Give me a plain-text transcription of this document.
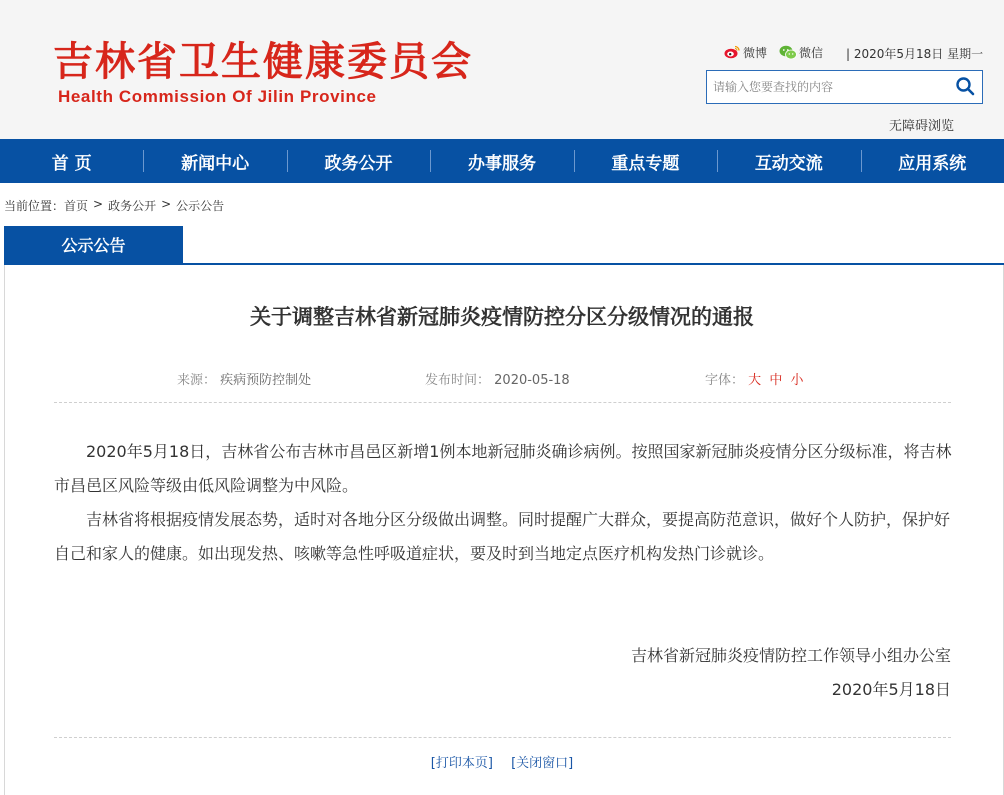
吉林省卫生健康委员会
Health Commission Of Jilin Province
微博	微信 | 2020年5月18日 星期一
请输入您要查找的内容
无障碍浏览
首 页	新闻中心	政务公开	办事服务	重点专题	互动交流	应用系统
当前位置： 首页 > 政务公开 > 公示公告
公示公告
关于调整吉林省新冠肺炎疫情防控分区分级情况的通报
来源： 疾病预防控制处	发布时间： 2020-05-18	字体： 大 中 小

2020年5月18日，吉林省公布吉林市昌邑区新增1例本地新冠肺炎确诊病例。按照国家新冠肺炎疫情分区分级标准，将吉林市昌邑区风险等级由低风险调整为中风险。

吉林省将根据疫情发展态势，适时对各地分区分级做出调整。同时提醒广大群众，要提高防范意识，做好个人防护，保护好自己和家人的健康。如出现发热、咳嗽等急性呼吸道症状，要及时到当地定点医疗机构发热门诊就诊。

吉林省新冠肺炎疫情防控工作领导小组办公室
2020年5月18日
[打印本页] [关闭窗口]
